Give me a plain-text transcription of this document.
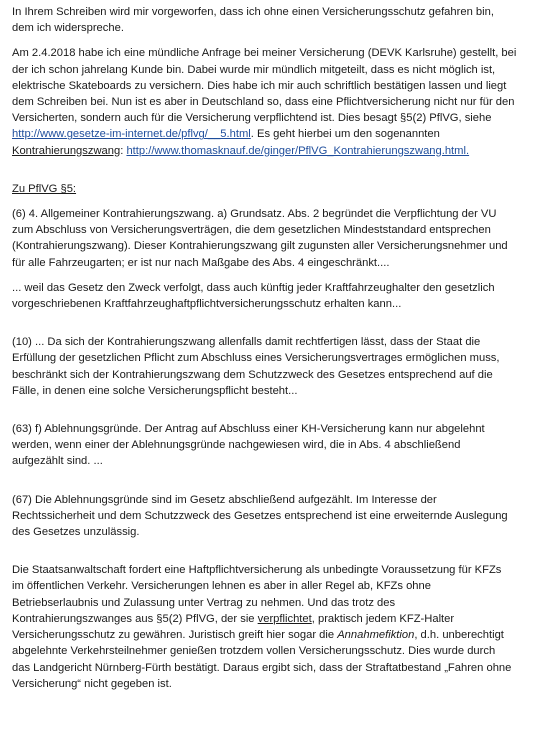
In Ihrem Schreiben wird mir vorgeworfen, dass ich ohne einen Versicherungsschutz gefahren bin,
dem ich widerspreche.

Am 2.4.2018 habe ich eine mündliche Anfrage bei meiner Versicherung (DEVK Karlsruhe) gestellt, bei
der ich schon jahrelang Kunde bin. Dabei wurde mir mündlich mitgeteilt, dass es nicht möglich ist,
elektrische Skateboards zu versichern. Dies habe ich mir auch schriftlich bestätigen lassen und liegt
dem Schreiben bei. Nun ist es aber in Deutschland so, dass eine Pflichtversicherung nicht nur für den
Versicherten, sondern auch für die Versicherung verpflichtend ist. Dies besagt §5(2) PflVG, siehe http://www.gesetze-im-internet.de/pflvg/__5.html. Es geht hierbei um den sogenannten
Kontrahierungszwang: http://www.thomasknauf.de/ginger/PflVG_Kontrahierungszwang.html.

Zu PflVG §5:

(6) 4. Allgemeiner Kontrahierungszwang. a) Grundsatz. Abs. 2 begründet die Verpflichtung der VU
zum Abschluss von Versicherungsverträgen, die dem gesetzlichen Mindeststandard entsprechen
(Kontrahierungszwang). Dieser Kontrahierungszwang gilt zugunsten aller Versicherungsnehmer und
für alle Fahrzeugarten; er ist nur nach Maßgabe des Abs. 4 eingeschränkt....

... weil das Gesetz den Zweck verfolgt, dass auch künftig jeder Kraftfahrzeughalter den gesetzlich
vorgeschriebenen Kraftfahrzeughaftpflichtversicherungsschutz erhalten kann...

(10) ... Da sich der Kontrahierungszwang allenfalls damit rechtfertigen lässt, dass der Staat die
Erfüllung der gesetzlichen Pflicht zum Abschluss eines Versicherungsvertrages ermöglichen muss,
beschränkt sich der Kontrahierungszwang dem Schutzzweck des Gesetzes entsprechend auf die
Fälle, in denen eine solche Versicherungspflicht besteht...

(63) f) Ablehnungsgründe. Der Antrag auf Abschluss einer KH-Versicherung kann nur abgelehnt
werden, wenn einer der Ablehnungsgründe nachgewiesen wird, die in Abs. 4 abschließend
aufgezählt sind. ...

(67) Die Ablehnungsgründe sind im Gesetz abschließend aufgezählt. Im Interesse der
Rechtssicherheit und dem Schutzzweck des Gesetzes entsprechend ist eine erweiternde Auslegung
des Gesetzes unzulässig.

Die Staatsanwaltschaft fordert eine Haftpflichtversicherung als unbedingte Voraussetzung für KFZs
im öffentlichen Verkehr. Versicherungen lehnen es aber in aller Regel ab, KFZs ohne
Betriebserlaubnis und Zulassung unter Vertrag zu nehmen. Und das trotz des
Kontrahierungszwanges aus §5(2) PflVG, der sie verpflichtet, praktisch jedem KFZ-Halter
Versicherungsschutz zu gewähren. Juristisch greift hier sogar die Annahmefiktion, d.h. unberechtigt
abgelehnte Verkehrsteilnehmer genießen trotzdem vollen Versicherungsschutz. Dies wurde durch
das Landgericht Nürnberg-Fürth bestätigt. Daraus ergibt sich, dass der Straftatbestand „Fahren ohne
Versicherung“ nicht gegeben ist.
